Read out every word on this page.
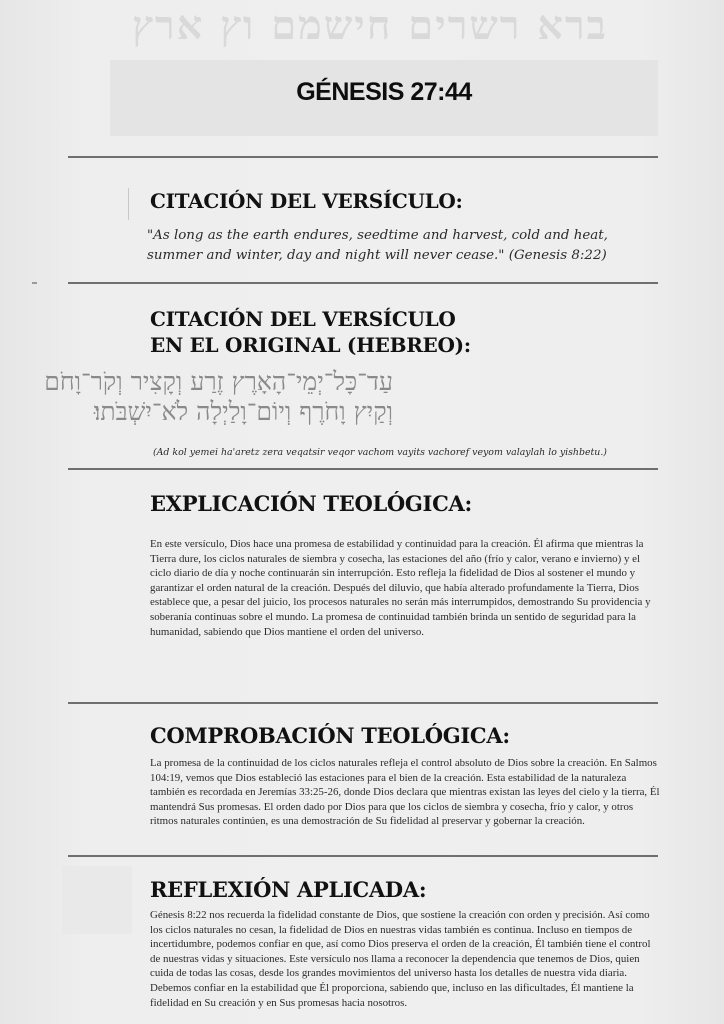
ברא רשרים חישמם וץ ארץ
GÉNESIS 27:44
CITACIÓN DEL VERSÍCULO:

"As long as the earth endures, seedtime and harvest, cold and heat, summer and winter, day and night will never cease." (Genesis 8:22)

CITACIÓN DEL VERSÍCULO
EN EL ORIGINAL (HEBREO):
עַד־כָּל־יְמֵי־הָאָרֶץ זֶרַע וְקָצִיר וְקֹר־וָחֹם
וְקַיִץ וָחֹרֶף וְיוֹם־וָלַיְלָה לֹא־יִשְׁבֹּתוּ׃

(Ad kol yemei ha'aretz zera veqatsir veqor vachom vayits vachoref veyom valaylah lo yishbetu.)

EXPLICACIÓN TEOLÓGICA:

En este versículo, Dios hace una promesa de estabilidad y continuidad para la creación. Él afirma que mientras la Tierra dure, los ciclos naturales de siembra y cosecha, las estaciones del año (frío y calor, verano e invierno) y el ciclo diario de día y noche continuarán sin interrupción. Esto refleja la fidelidad de Dios al sostener el mundo y garantizar el orden natural de la creación. Después del diluvio, que había alterado profundamente la Tierra, Dios establece que, a pesar del juicio, los procesos naturales no serán más interrumpidos, demostrando Su providencia y soberanía continuas sobre el mundo. La promesa de continuidad también brinda un sentido de seguridad para la humanidad, sabiendo que Dios mantiene el orden del universo.

COMPROBACIÓN TEOLÓGICA:

La promesa de la continuidad de los ciclos naturales refleja el control absoluto de Dios sobre la creación. En Salmos 104:19, vemos que Dios estableció las estaciones para el bien de la creación. Esta estabilidad de la naturaleza también es recordada en Jeremías 33:25-26, donde Dios declara que mientras existan las leyes del cielo y la tierra, Él mantendrá Sus promesas. El orden dado por Dios para que los ciclos de siembra y cosecha, frío y calor, y otros ritmos naturales continúen, es una demostración de Su fidelidad al preservar y gobernar la creación.

REFLEXIÓN APLICADA:

Génesis 8:22 nos recuerda la fidelidad constante de Dios, que sostiene la creación con orden y precisión. Así como los ciclos naturales no cesan, la fidelidad de Dios en nuestras vidas también es continua. Incluso en tiempos de incertidumbre, podemos confiar en que, así como Dios preserva el orden de la creación, Él también tiene el control de nuestras vidas y situaciones. Este versículo nos llama a reconocer la dependencia que tenemos de Dios, quien cuida de todas las cosas, desde los grandes movimientos del universo hasta los detalles de nuestra vida diaria. Debemos confiar en la estabilidad que Él proporciona, sabiendo que, incluso en las dificultades, Él mantiene la fidelidad en Su creación y en Sus promesas hacia nosotros.
